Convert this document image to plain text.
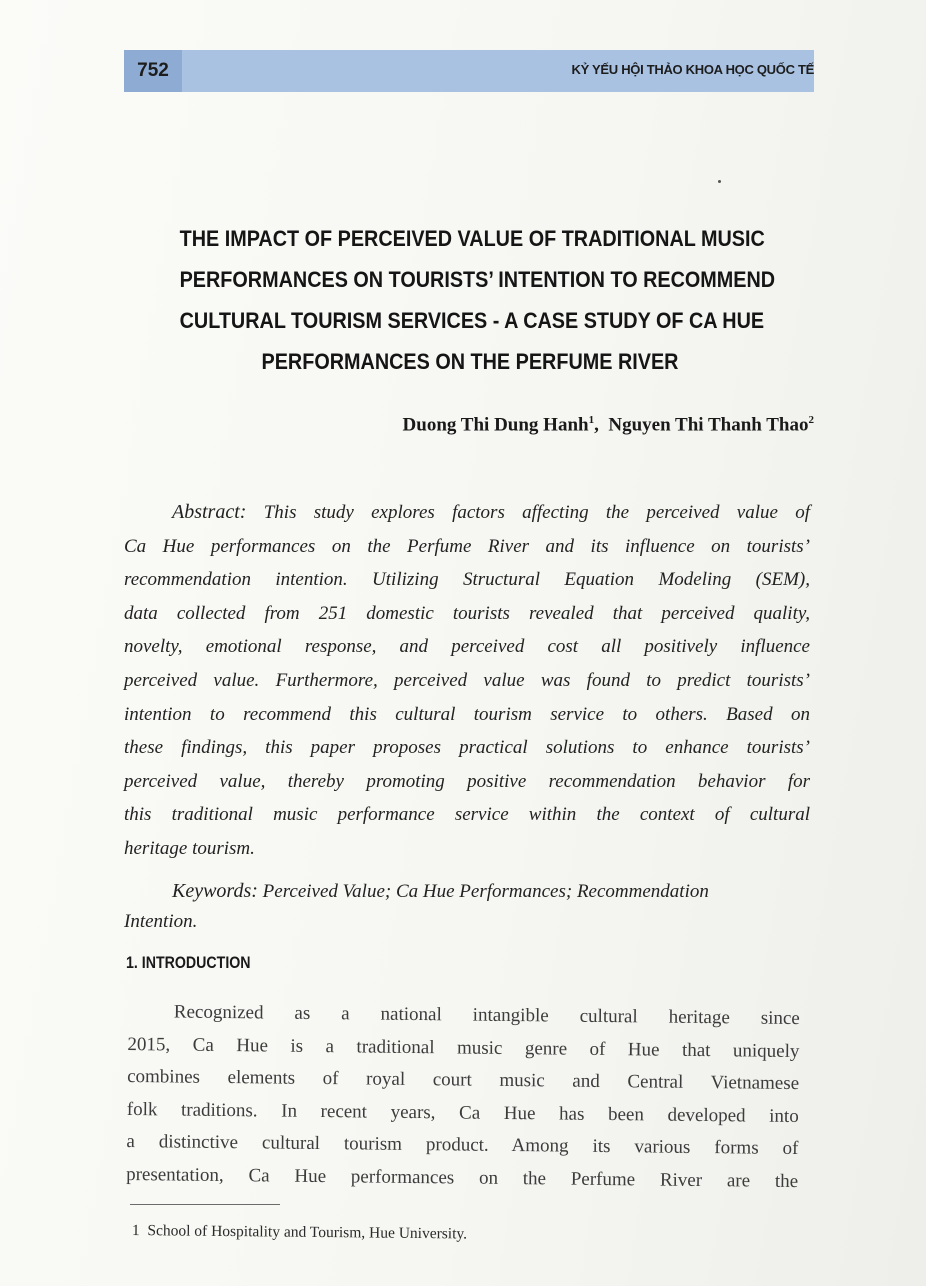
752	KỶ YẾU HỘI THẢO KHOA HỌC QUỐC TẾ
THE IMPACT OF PERCEIVED VALUE OF TRADITIONAL MUSIC
PERFORMANCES ON TOURISTS’ INTENTION TO RECOMMEND
CULTURAL TOURISM SERVICES - A CASE STUDY OF CA HUE
PERFORMANCES ON THE PERFUME RIVER
Duong Thi Dung Hanh$^1$,  Nguyen Thi Thanh Thao$^2$
Abstract: This study explores factors affecting the perceived value of
Ca Hue performances on the Perfume River and its influence on tourists’
recommendation intention. Utilizing Structural Equation Modeling (SEM),
data collected from 251 domestic tourists revealed that perceived quality,
novelty, emotional response, and perceived cost all positively influence
perceived value. Furthermore, perceived value was found to predict tourists’
intention to recommend this cultural tourism service to others. Based on
these findings, this paper proposes practical solutions to enhance tourists’
perceived value, thereby promoting positive recommendation behavior for
this traditional music performance service within the context of cultural
heritage tourism.
Keywords: Perceived Value; Ca Hue Performances; Recommendation
Intention.
1. INTRODUCTION
Recognized as a national intangible cultural heritage since
2015, Ca Hue is a traditional music genre of Hue that uniquely
combines elements of royal court music and Central Vietnamese
folk traditions. In recent years, Ca Hue has been developed into
a distinctive cultural tourism product. Among its various forms of
presentation, Ca Hue performances on the Perfume River are the
1 School of Hospitality and Tourism, Hue University.
